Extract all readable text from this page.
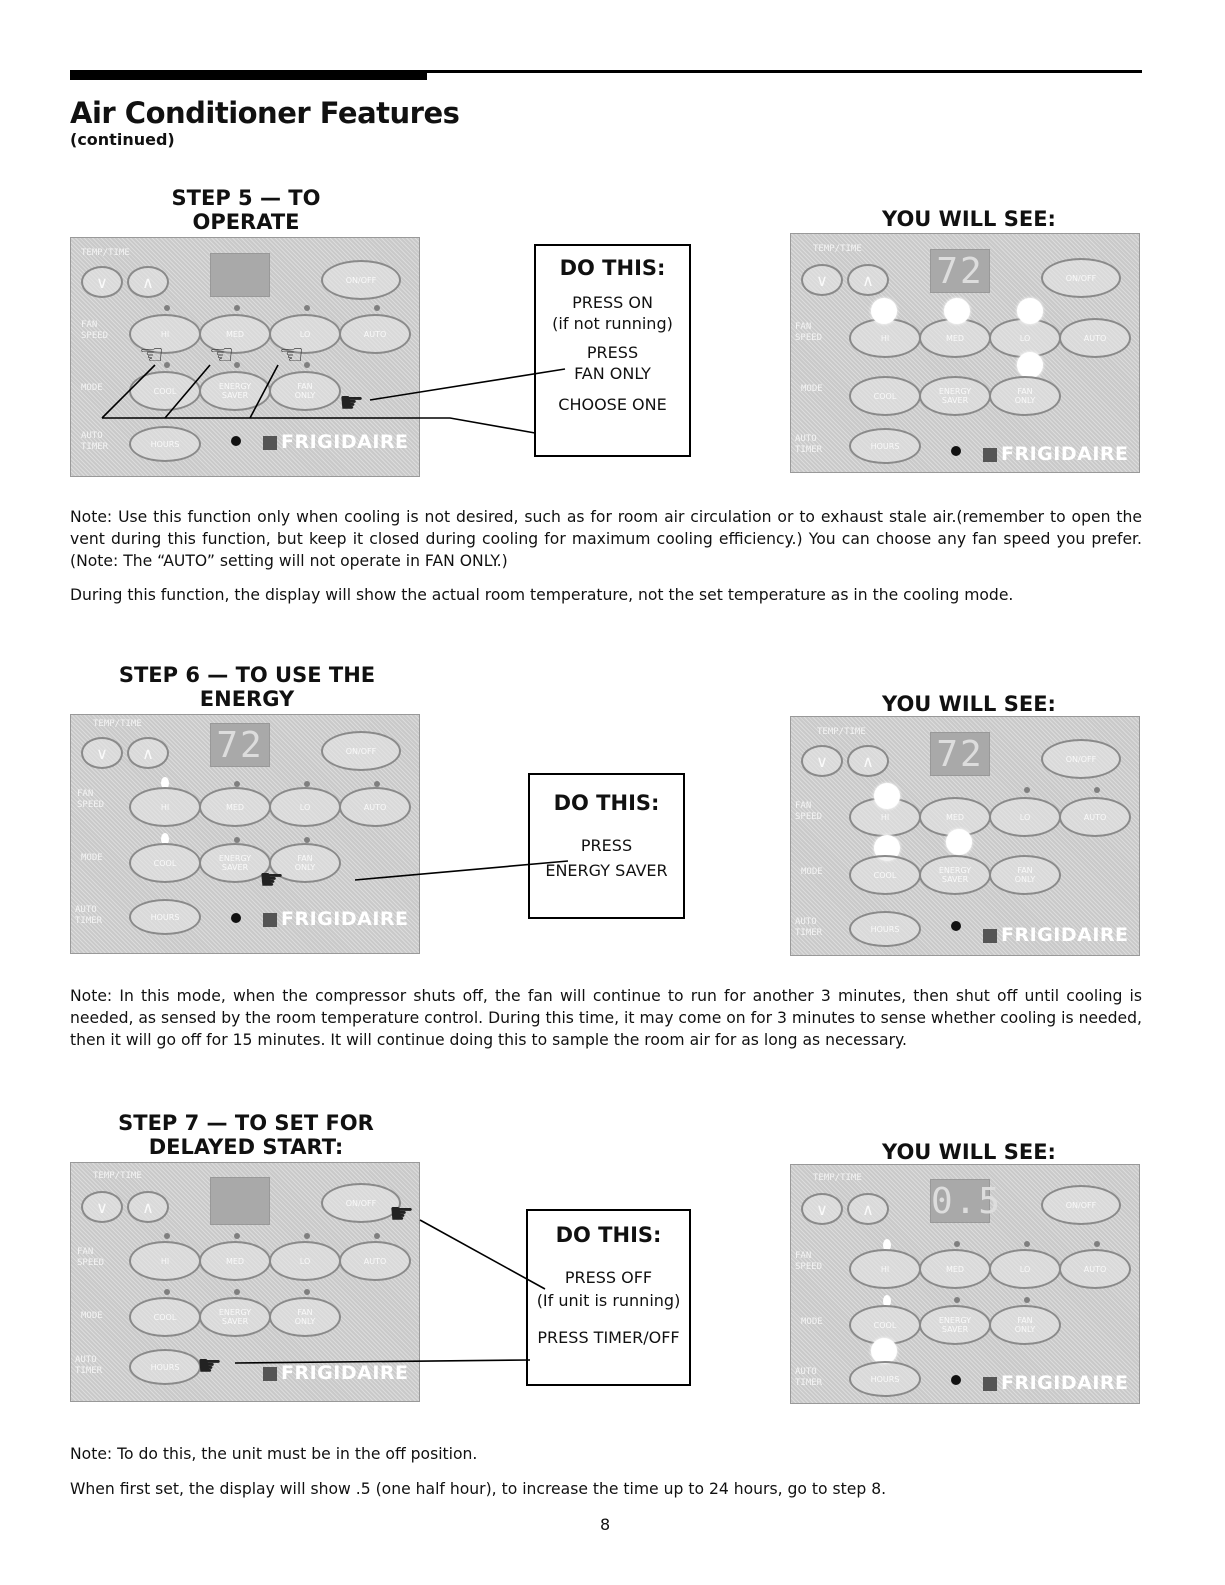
Air Conditioner Features
(continued)
STEP 5 — TO OPERATE	YOU WILL SEE:
TEMP/TIME
∨	∧	ON/OFF
FAN
SPEED	HI	MED	LO	AUTO
MODE	COOL	ENERGY
SAVER
FAN
ONLY
AUTO
TIMER	HOURS	FRIGIDAIRE
☜ ☜ ☜
☛
DO THIS:
PRESS ON
(if not running)
PRESS
FAN ONLY
CHOOSE ONE
TEMP/TIME
∨	∧	72	ON/OFF
FAN
SPEED	HI	MED	LO	AUTO
MODE
COOL	ENERGY
SAVER
FAN
ONLY
AUTO
TIMER	HOURS	FRIGIDAIRE
Note: Use this function only when cooling is not desired, such as for room air circulation or to exhaust stale air.(remember to open the vent during this function, but keep it closed during cooling for maximum cooling efficiency.) You can choose any fan speed you prefer. (Note: The “AUTO” setting will not operate in FAN ONLY.)
During this function, the display will show the actual room temperature, not the set temperature as in the cooling mode.
STEP 6 — TO USE THE ENERGY	YOU WILL SEE:
TEMP/TIME
∨	∧	72	ON/OFF
FAN
SPEED	HI	MED	LO	AUTO
MODE	COOL	ENERGY
SAVER
FAN
ONLY
AUTO
TIMER	HOURS	FRIGIDAIRE
☛
DO THIS:
PRESS
ENERGY SAVER
TEMP/TIME
∨	∧	72	ON/OFF
FAN
SPEED	HI	MED	LO	AUTO
MODE	COOL	ENERGY
SAVER
FAN
ONLY
AUTO
TIMER	HOURS	FRIGIDAIRE
Note: In this mode, when the compressor shuts off, the fan will continue to run for another 3 minutes, then shut off until cooling is needed, as sensed by the room temperature control. During this time, it may come on for 3 minutes to sense whether cooling is needed, then it will go off for 15 minutes. It will continue doing this to sample the room air for as long as necessary.
STEP 7 — TO SET FOR
DELAYED START:	YOU WILL SEE:
TEMP/TIME
∨	∧	ON/OFF
FAN
SPEED	HI	MED	LO	AUTO
MODE	COOL	ENERGY
SAVER
FAN
ONLY
AUTO
TIMER	HOURS	FRIGIDAIRE
☛
☛
DO THIS:
PRESS OFF
(If unit is running)
PRESS TIMER/OFF
TEMP/TIME
∨	∧	0.5	ON/OFF
FAN
SPEED	HI	MED	LO	AUTO
MODE	COOL	ENERGY
SAVER
FAN
ONLY
AUTO
TIMER	HOURS	FRIGIDAIRE
Note: To do this, the unit must be in the off position.
When first set, the display will show .5 (one half hour), to increase the time up to 24 hours, go to step 8.
8
